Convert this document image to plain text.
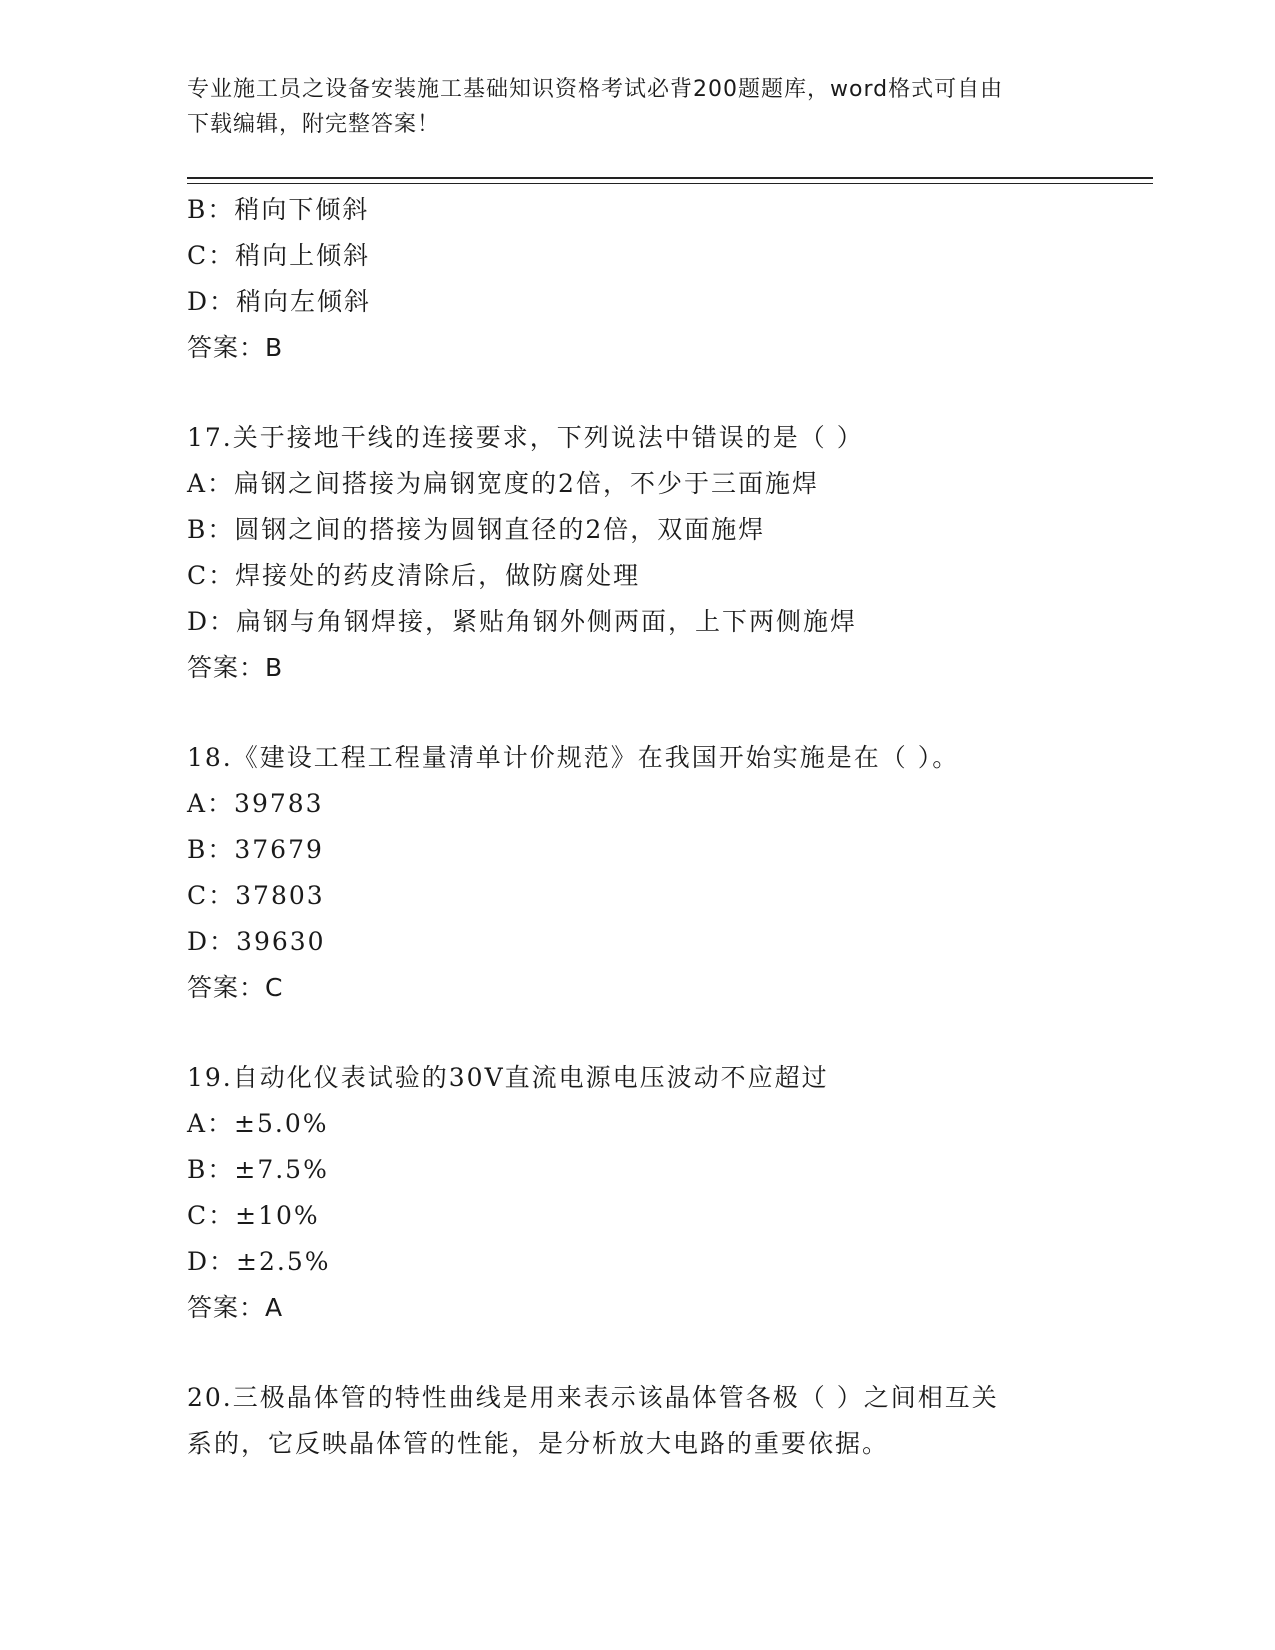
专业施工员之设备安装施工基础知识资格考试必背200题题库，word格式可自由
下载编辑，附完整答案！
B：稍向下倾斜
C：稍向上倾斜
D：稍向左倾斜
答案：B
17.关于接地干线的连接要求，下列说法中错误的是（ ）
A：扁钢之间搭接为扁钢宽度的2倍，不少于三面施焊
B：圆钢之间的搭接为圆钢直径的2倍，双面施焊
C：焊接处的药皮清除后，做防腐处理
D：扁钢与角钢焊接，紧贴角钢外侧两面，上下两侧施焊
答案：B
18.《建设工程工程量清单计价规范》在我国开始实施是在（ ）。
A：39783
B：37679
C：37803
D：39630
答案：C
19.自动化仪表试验的30V直流电源电压波动不应超过
A：±5.0%
B：±7.5%
C：±10%
D：±2.5%
答案：A
20.三极晶体管的特性曲线是用来表示该晶体管各极（ ）之间相互关
系的，它反映晶体管的性能，是分析放大电路的重要依据。
